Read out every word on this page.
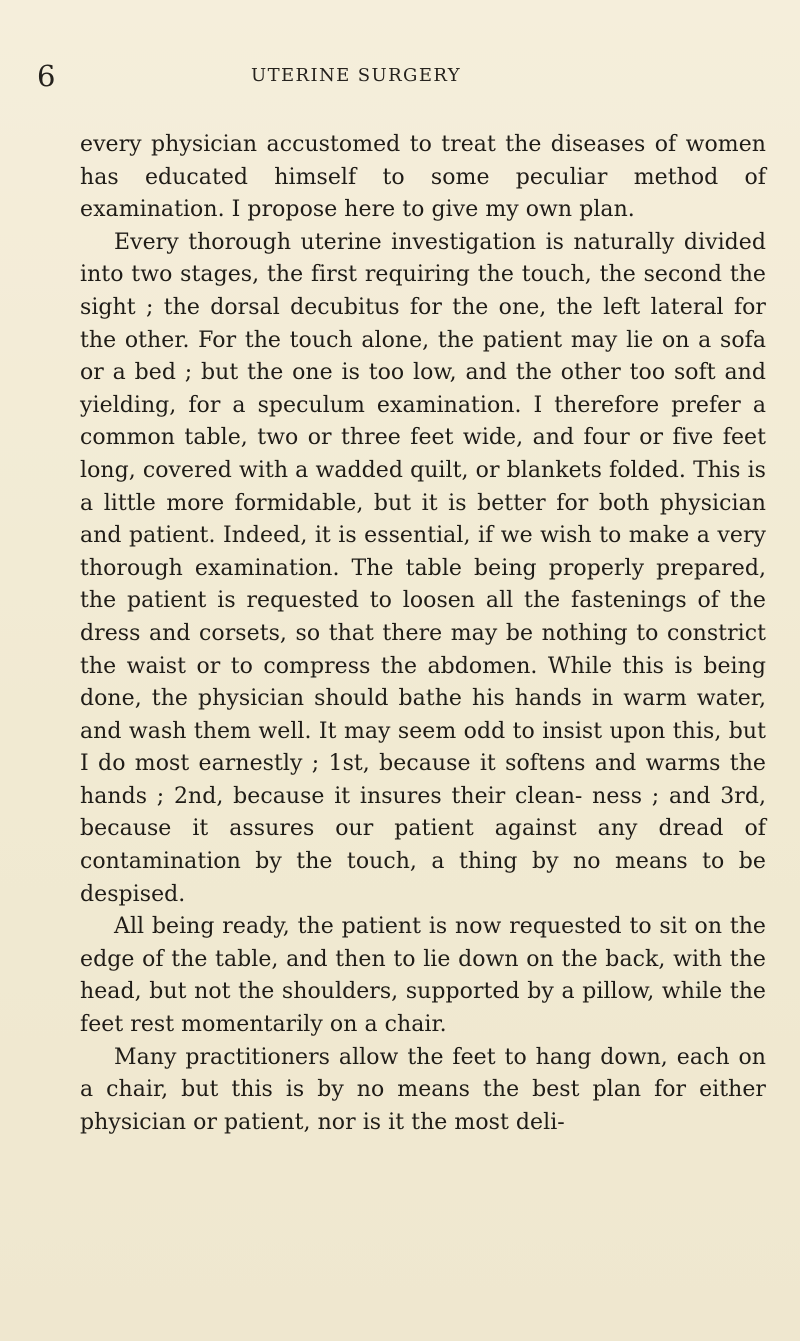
6	UTERINE SURGERY

every physician accustomed to treat the diseases of women has educated himself to some peculiar method of examination. I propose here to give my own plan.

Every thorough uterine investigation is naturally divided into two stages, the first requiring the touch, the second the sight ; the dorsal decubitus for the one, the left lateral for the other. For the touch alone, the patient may lie on a sofa or a bed ; but the one is too low, and the other too soft and yielding, for a speculum examination. I therefore prefer a common table, two or three feet wide, and four or five feet long, covered with a wadded quilt, or blankets folded. This is a little more formidable, but it is better for both physician and patient. Indeed, it is essential, if we wish to make a very thorough examination. The table being properly prepared, the patient is requested to loosen all the fastenings of the dress and corsets, so that there may be nothing to constrict the waist or to compress the abdomen. While this is being done, the physician should bathe his hands in warm water, and wash them well. It may seem odd to insist upon this, but I do most earnestly ; 1st, because it softens and warms the hands ; 2nd, because it insures their clean- ness ; and 3rd, because it assures our patient against any dread of contamination by the touch, a thing by no means to be despised.

All being ready, the patient is now requested to sit on the edge of the table, and then to lie down on the back, with the head, but not the shoulders, supported by a pillow, while the feet rest momentarily on a chair.

Many practitioners allow the feet to hang down, each on a chair, but this is by no means the best plan for either physician or patient, nor is it the most deli-
